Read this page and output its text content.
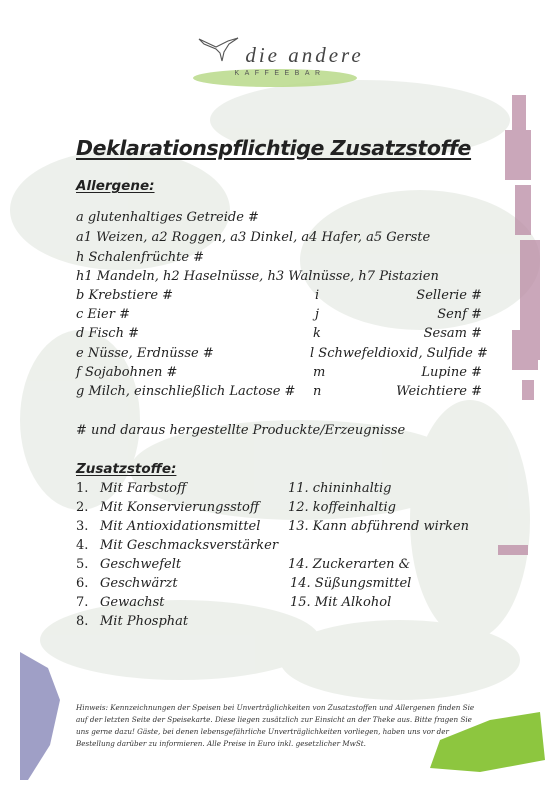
die andere
KAFFEEBAR
Deklarationspflichtige Zusatzstoffe
Allergene:
a glutenhaltiges Getreide #
a1 Weizen, a2 Roggen, a3 Dinkel, a4 Hafer, a5 Gerste
h Schalenfrüchte #
h1 Mandeln, h2 Haselnüsse, h3 Walnüsse, h7 Pistazien
b Krebstiere #
c Eier #
d Fisch #
e Nüsse, Erdnüsse #
f Sojabohnen #
g Milch, einschließlich Lactose #
i
j
k
m
n
Sellerie #
Senf #
Sesam #
l Schwefeldioxid, Sulfide #
Lupine #
Weichtiere #
# und daraus hergestellte Produckte/Erzeugnisse
Zusatzstoffe:
1. Mit Farbstoff
2. Mit Konservierungsstoff
3. Mit Antioxidationsmittel
4. Mit Geschmacksverstärker
5. Geschwefelt
6. Geschwärzt
7. Gewachst
8. Mit Phosphat
11. chininhaltig
12. koffeinhaltig
13. Kann abführend wirken
14. Zuckerarten &
14. Süßungsmittel
15. Mit Alkohol

Hinweis: Kennzeichnungen der Speisen bei Unverträglichkeiten von Zusatzstoffen und Allergenen finden Sie auf der letzten Seite der Speisekarte. Diese liegen zusätzlich zur Einsicht an der Theke aus. Bitte fragen Sie uns gerne dazu! Gäste, bei denen lebensgefährliche Unverträglichkeiten vorliegen, haben uns vor der Bestellung darüber zu informieren. Alle Preise in Euro inkl. gesetzlicher MwSt.
